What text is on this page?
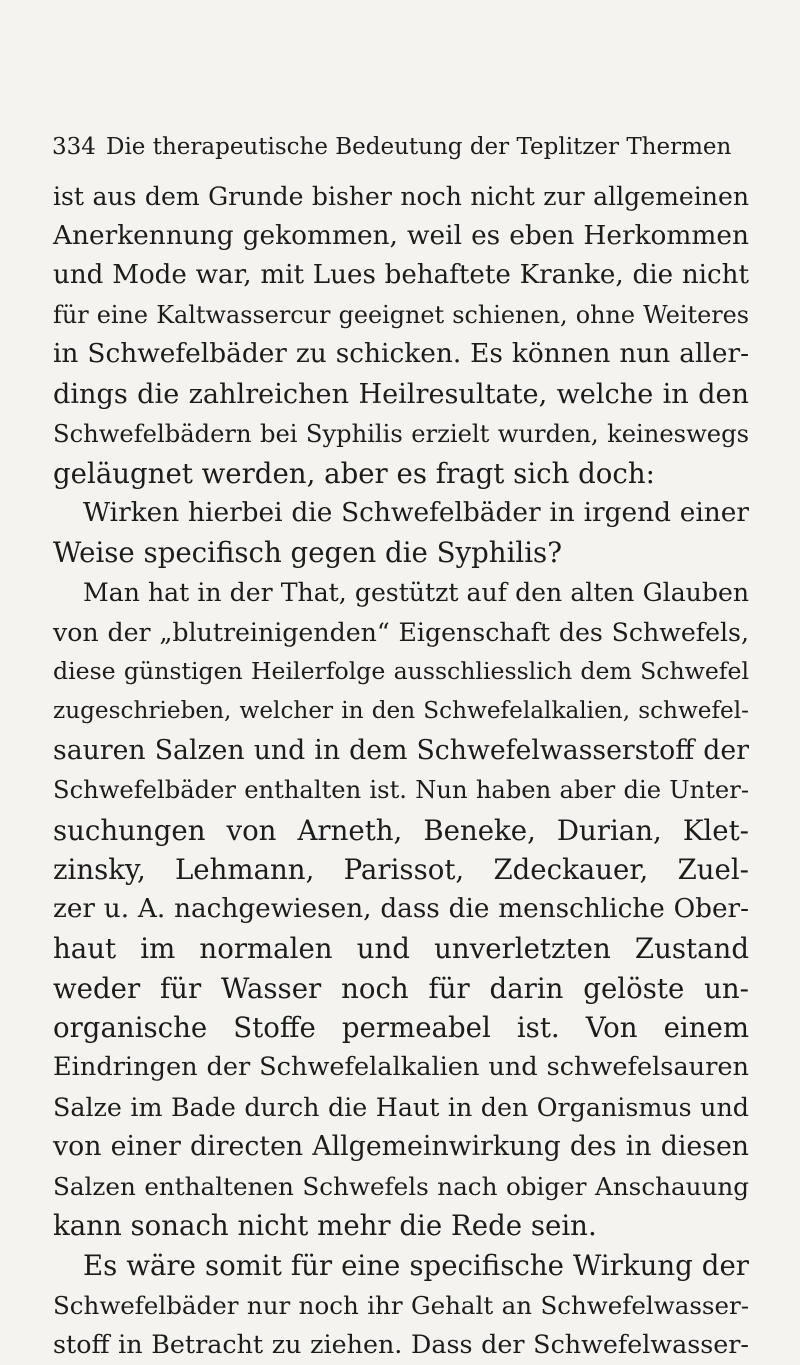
334 Die therapeutische Bedeutung der Teplitzer Thermen
ist aus dem Grunde bisher noch nicht zur allgemeinen
Anerkennung gekommen, weil es eben Herkommen
und Mode war, mit Lues behaftete Kranke, die nicht
für eine Kaltwassercur geeignet schienen, ohne Weiteres
in Schwefelbäder zu schicken. Es können nun aller-
dings die zahlreichen Heilresultate, welche in den
Schwefelbädern bei Syphilis erzielt wurden, keineswegs
geläugnet werden, aber es fragt sich doch:
Wirken hierbei die Schwefelbäder in irgend einer
Weise specifisch gegen die Syphilis?
Man hat in der That, gestützt auf den alten Glauben
von der „blutreinigenden“ Eigenschaft des Schwefels,
diese günstigen Heilerfolge ausschliesslich dem Schwefel
zugeschrieben, welcher in den Schwefelalkalien, schwefel-
sauren Salzen und in dem Schwefelwasserstoff der
Schwefelbäder enthalten ist. Nun haben aber die Unter-
suchungen von Arneth, Beneke, Durian, Klet-
zinsky, Lehmann, Parissot, Zdeckauer, Zuel-
zer u. A. nachgewiesen, dass die menschliche Ober-
haut im normalen und unverletzten Zustand
weder für Wasser noch für darin gelöste un-
organische Stoffe permeabel ist. Von einem
Eindringen der Schwefelalkalien und schwefelsauren
Salze im Bade durch die Haut in den Organismus und
von einer directen Allgemeinwirkung des in diesen
Salzen enthaltenen Schwefels nach obiger Anschauung
kann sonach nicht mehr die Rede sein.
Es wäre somit für eine specifische Wirkung der
Schwefelbäder nur noch ihr Gehalt an Schwefelwasser-
stoff in Betracht zu ziehen. Dass der Schwefelwasser-
